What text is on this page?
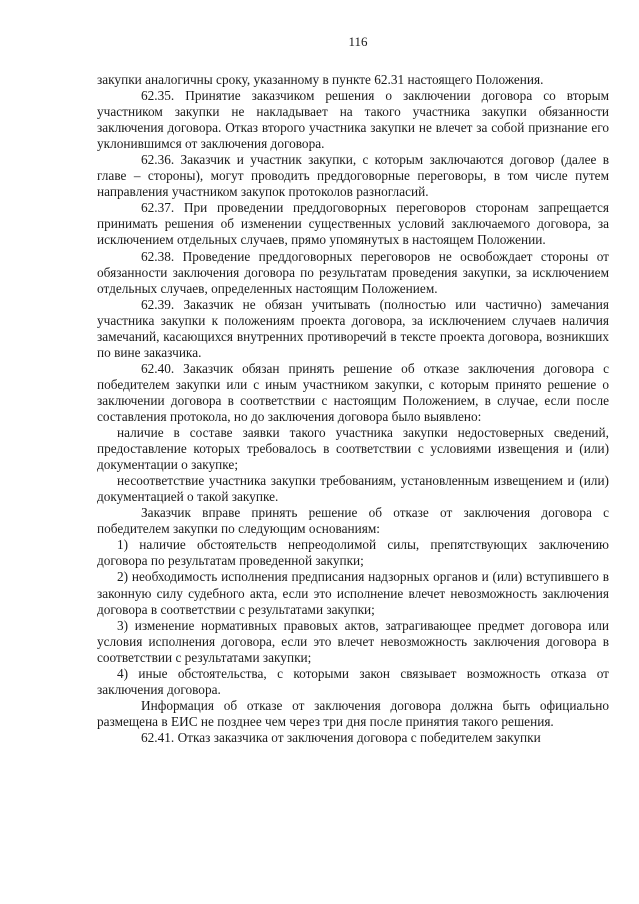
116

закупки аналогичны сроку, указанному в пункте 62.31 настоящего Положения.

62.35. Принятие заказчиком решения о заключении договора со вторым участником закупки не накладывает на такого участника закупки обязанности заключения договора. Отказ второго участника закупки не влечет за собой признание его уклонившимся от заключения договора.

62.36. Заказчик и участник закупки, с которым заключаются договор (далее в главе – стороны), могут проводить преддоговорные переговоры, в том числе путем направления участником закупок протоколов разногласий.

62.37. При проведении преддоговорных переговоров сторонам запрещается принимать решения об изменении существенных условий заключаемого договора, за исключением отдельных случаев, прямо упомянутых в настоящем Положении.

62.38. Проведение преддоговорных переговоров не освобождает стороны от обязанности заключения договора по результатам проведения закупки, за исключением отдельных случаев, определенных настоящим Положением.

62.39. Заказчик не обязан учитывать (полностью или частично) замечания участника закупки к положениям проекта договора, за исключением случаев наличия замечаний, касающихся внутренних противоречий в тексте проекта договора, возникших по вине заказчика.

62.40. Заказчик обязан принять решение об отказе заключения договора с победителем закупки или с иным участником закупки, с которым принято решение о заключении договора в соответствии с настоящим Положением, в случае, если после составления протокола, но до заключения договора было выявлено:

наличие в составе заявки такого участника закупки недостоверных сведений, предоставление которых требовалось в соответствии с условиями извещения и (или) документации о закупке;

несоответствие участника закупки требованиям, установленным извещением и (или) документацией о такой закупке.

Заказчик вправе принять решение об отказе от заключения договора с победителем закупки по следующим основаниям:

1) наличие обстоятельств непреодолимой силы, препятствующих заключению договора по результатам проведенной закупки;

2) необходимость исполнения предписания надзорных органов и (или) вступившего в законную силу судебного акта, если это исполнение влечет невозможность заключения договора в соответствии с результатами закупки;

3) изменение нормативных правовых актов, затрагивающее предмет договора или условия исполнения договора, если это влечет невозможность заключения договора в соответствии с результатами закупки;

4) иные обстоятельства, с которыми закон связывает возможность отказа от заключения договора.

Информация об отказе от заключения договора должна быть официально размещена в ЕИС не позднее чем через три дня после принятия такого решения.

62.41. Отказ заказчика от заключения договора с победителем закупки
